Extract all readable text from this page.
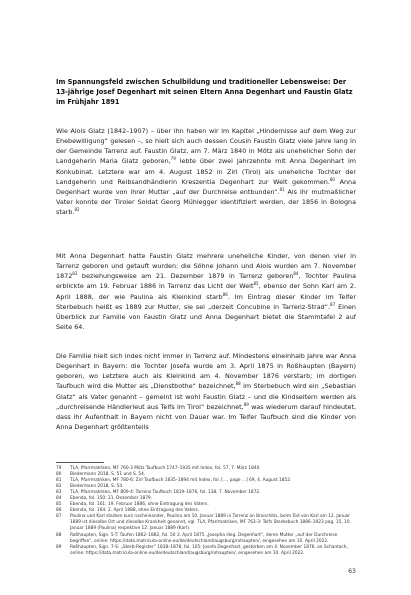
Im Spannungsfeld zwischen Schulbildung und traditioneller Lebensweise: Der 13-jährige Josef Degenhart mit seinen Eltern Anna Degenhart und Faustin Glatz im Frühjahr 1891

Wie Alois Glatz (1842–1907) – über ihn haben wir im Kapitel „Hindernisse auf dem Weg zur Ehebewilligung“ gelesen –, so hielt sich auch dessen Cousin Faustin Glatz viele Jahre lang in der Gemeinde Tarrenz auf. Faustin Glatz, am 7. März 1840 in Mötz als unehelicher Sohn der Landgeherin Maria Glatz geboren,$^{79}$ lebte über zwei Jahrzehnte mit Anna Degenhart im Konkubinat. Letztere war am 4. August 1852 in Zirl (Tirol) als uneheliche Tochter der Landgeherin und Reibsandhändlerin Kreszentia Degenhart zur Welt gekommen.$^{80}$ Anna Degenhart wurde von ihrer Mutter „auf der Durchreise entbunden“.$^{81}$ Als ihr mutmaßlicher Vater konnte der Tiroler Soldat Georg Mühlegger identifiziert werden, der 1856 in Bologna starb.$^{82}$

Mit Anna Degenhart hatte Faustin Glatz mehrere uneheliche Kinder, von denen vier in Tarrenz geboren und getauft wurden: die Söhne Johann und Alois wurden am 7. November 1872$^{83}$ beziehungsweise am 21. Dezember 1879 in Tarrenz geboren$^{84}$, Tochter Paulina erblickte am 19. Februar 1886 in Tarrenz das Licht der Welt$^{85}$, ebenso der Sohn Karl am 2. April 1888, der wie Paulina als Kleinkind starb$^{86}$. Im Eintrag dieser Kinder im Telfer Sterbebuch heißt es 1889 zur Mutter, sie sei „derzeit Concubine in Tarrenz-Strad“.$^{87}$ Einen Überblick zur Familie von Faustin Glatz und Anna Degenhart bietet die Stammtafel 2 auf Seite 64.

Die Familie hielt sich indes nicht immer in Tarrenz auf. Mindestens eineinhalb Jahre war Anna Degenhart in Bayern: die Tochter Josefa wurde am 3. April 1875 in Roßhaupten (Bayern) geboren, wo Letztere auch als Kleinkind am 4. November 1876 verstarb; im dortigen Taufbuch wird die Mutter als „Dienstbothe“ bezeichnet,$^{88}$ im Sterbebuch wird ein „Sebastian Glatz“ als Vater genannt – gemeint ist wohl Faustin Glatz – und die Kindseltern werden als „durchreisende Händlerleut aus Telfs im Tirol“ bezeichnet,$^{89}$ was wiederum darauf hindeutet, dass ihr Aufenthalt in Bayern nicht von Dauer war. Im Telfer Taufbuch sind die Kinder von Anna Degenhart größtenteils

79	TLA, Pfarrmatriken, MF 760-3 Mötz Taufbuch 1747–1935 mit Index, fol. 57, 7. März 1840.
80	Biedermann 2018, S. 51 und S. 54.
81	TLA, Pfarrmatriken, MF 780-6: Zirl Taufbuch 1835–1894 mit Index, fol. [..., page ...] 69, 4. August 1852.
82	Biedermann 2018, S. 54.
83	TLA, Pfarrmatriken, MF 809-4: Tarrenz Taufbuch 1819–1876, fol. 138, 7. November 1872.
84	Ebenda, fol. 150: 21. Dezember 1879.
85	Ebenda, fol. 161: 19. Februar 1886, ohne Eintragung des Vaters.
86	Ebenda, fol. 164: 2. April 1888, ohne Eintragung des Vaters.
87	Paulina und Karl starben kurz nacheinander, Paulina am 10. Januar 1889 in Tarrenz an Bronchitis, beim Tod von Karl am 12. Januar 1889 ist dieselbe Ort und dieselbe Krankheit genannt, vgl. TLA, Pfarrmatriken, MF 763-3: Telfs Sterbebuch 1886–1923 pag. 15, 10. Januar 1889 (Paulina) respektive 12. Januar 1889 (Karl).
88	Roßhaupten, Sign. 5-T: Taufen 1862–1882, fol. 50 3. April 1875 „Josepha illeg. Degenhart“, deren Mutter „auf der Durchreise begriffen“, online: https://data.matricula-online.eu/de/deutschland/augsburg/rohaupten/, eingesehen am 10. April 2022.
89	Roßhaupten, Sign. 7-S: „Sterb-Register“ 1838–1878, fol. 105: Josefa Degenhart, gestorben am 4. November 1876, an Schantach, online: https://data.matricula-online.eu/de/deutschland/augsburg/rohaupten/, eingesehen am 10. April 2022.
63
